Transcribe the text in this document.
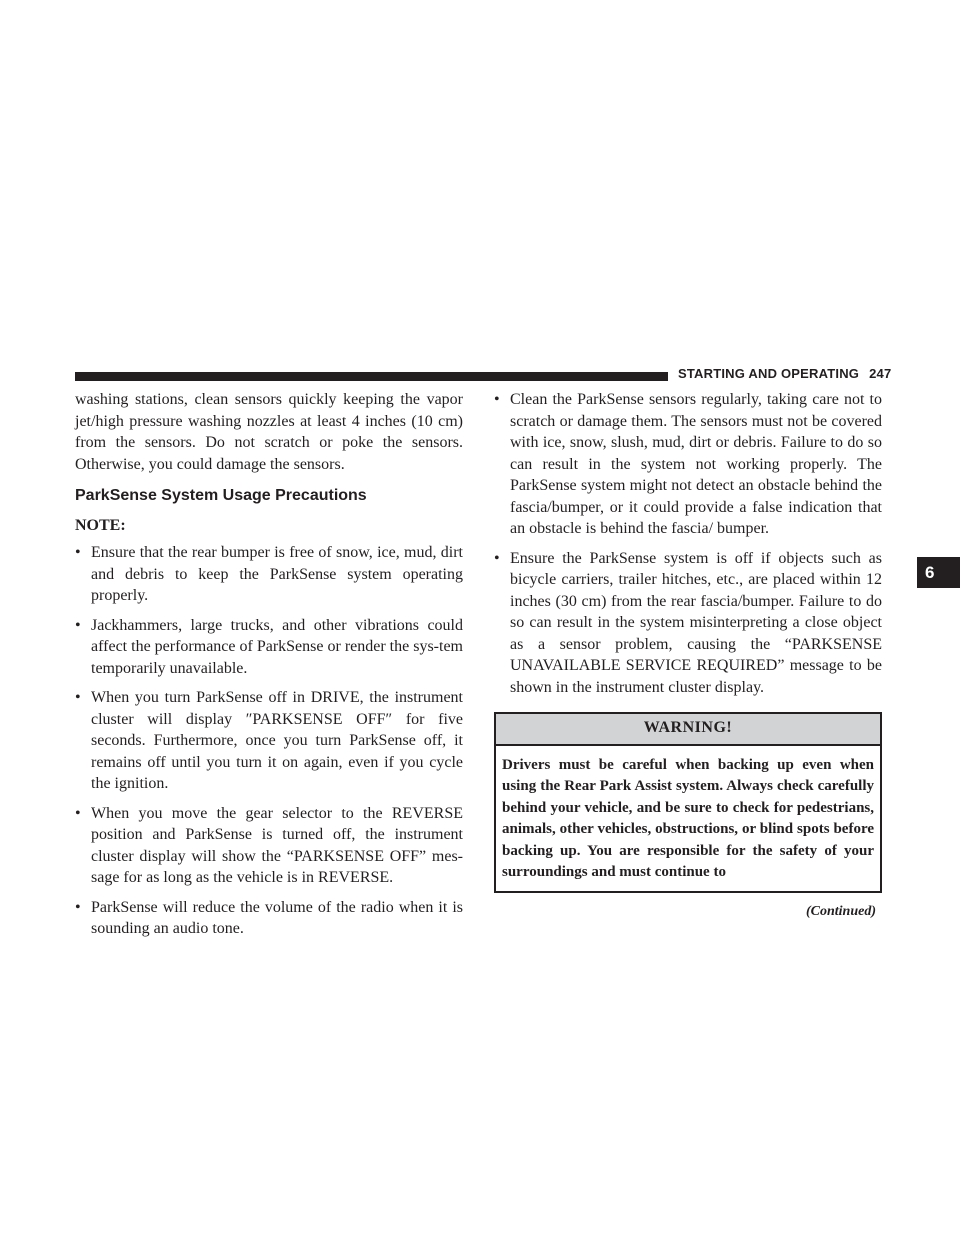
STARTING AND OPERATING 247

washing stations, clean sensors quickly keeping the vapor jet/high pressure washing nozzles at least 4 inches (10 cm) from the sensors. Do not scratch or poke the sensors. Otherwise, you could damage the sensors.

ParkSense System Usage Precautions
NOTE:
• Ensure that the rear bumper is free of snow, ice, mud, dirt and debris to keep the ParkSense system operating properly.
• Jackhammers, large trucks, and other vibrations could affect the performance of ParkSense or render the sys-tem temporarily unavailable.
• When you turn ParkSense off in DRIVE, the instrument cluster will display ″PARKSENSE OFF″ for five seconds. Furthermore, once you turn ParkSense off, it remains off until you turn it on again, even if you cycle the ignition.
• When you move the gear selector to the REVERSE position and ParkSense is turned off, the instrument cluster display will show the “PARKSENSE OFF” mes-sage for as long as the vehicle is in REVERSE.
• ParkSense will reduce the volume of the radio when it is sounding an audio tone.
• Clean the ParkSense sensors regularly, taking care not to scratch or damage them. The sensors must not be covered with ice, snow, slush, mud, dirt or debris. Failure to do so can result in the system not working properly. The ParkSense system might not detect an obstacle behind the fascia/bumper, or it could provide a false indication that an obstacle is behind the fascia/ bumper.
• Ensure the ParkSense system is off if objects such as bicycle carriers, trailer hitches, etc., are placed within 12 inches (30 cm) from the rear fascia/bumper. Failure to do so can result in the system misinterpreting a close object as a sensor problem, causing the “PARKSENSE UNAVAILABLE SERVICE REQUIRED” message to be shown in the instrument cluster display.
WARNING!
Drivers must be careful when backing up even when using the Rear Park Assist system. Always check carefully behind your vehicle, and be sure to check for pedestrians, animals, other vehicles, obstructions, or blind spots before backing up. You are responsible for the safety of your surroundings and must continue to
(Continued)
6
